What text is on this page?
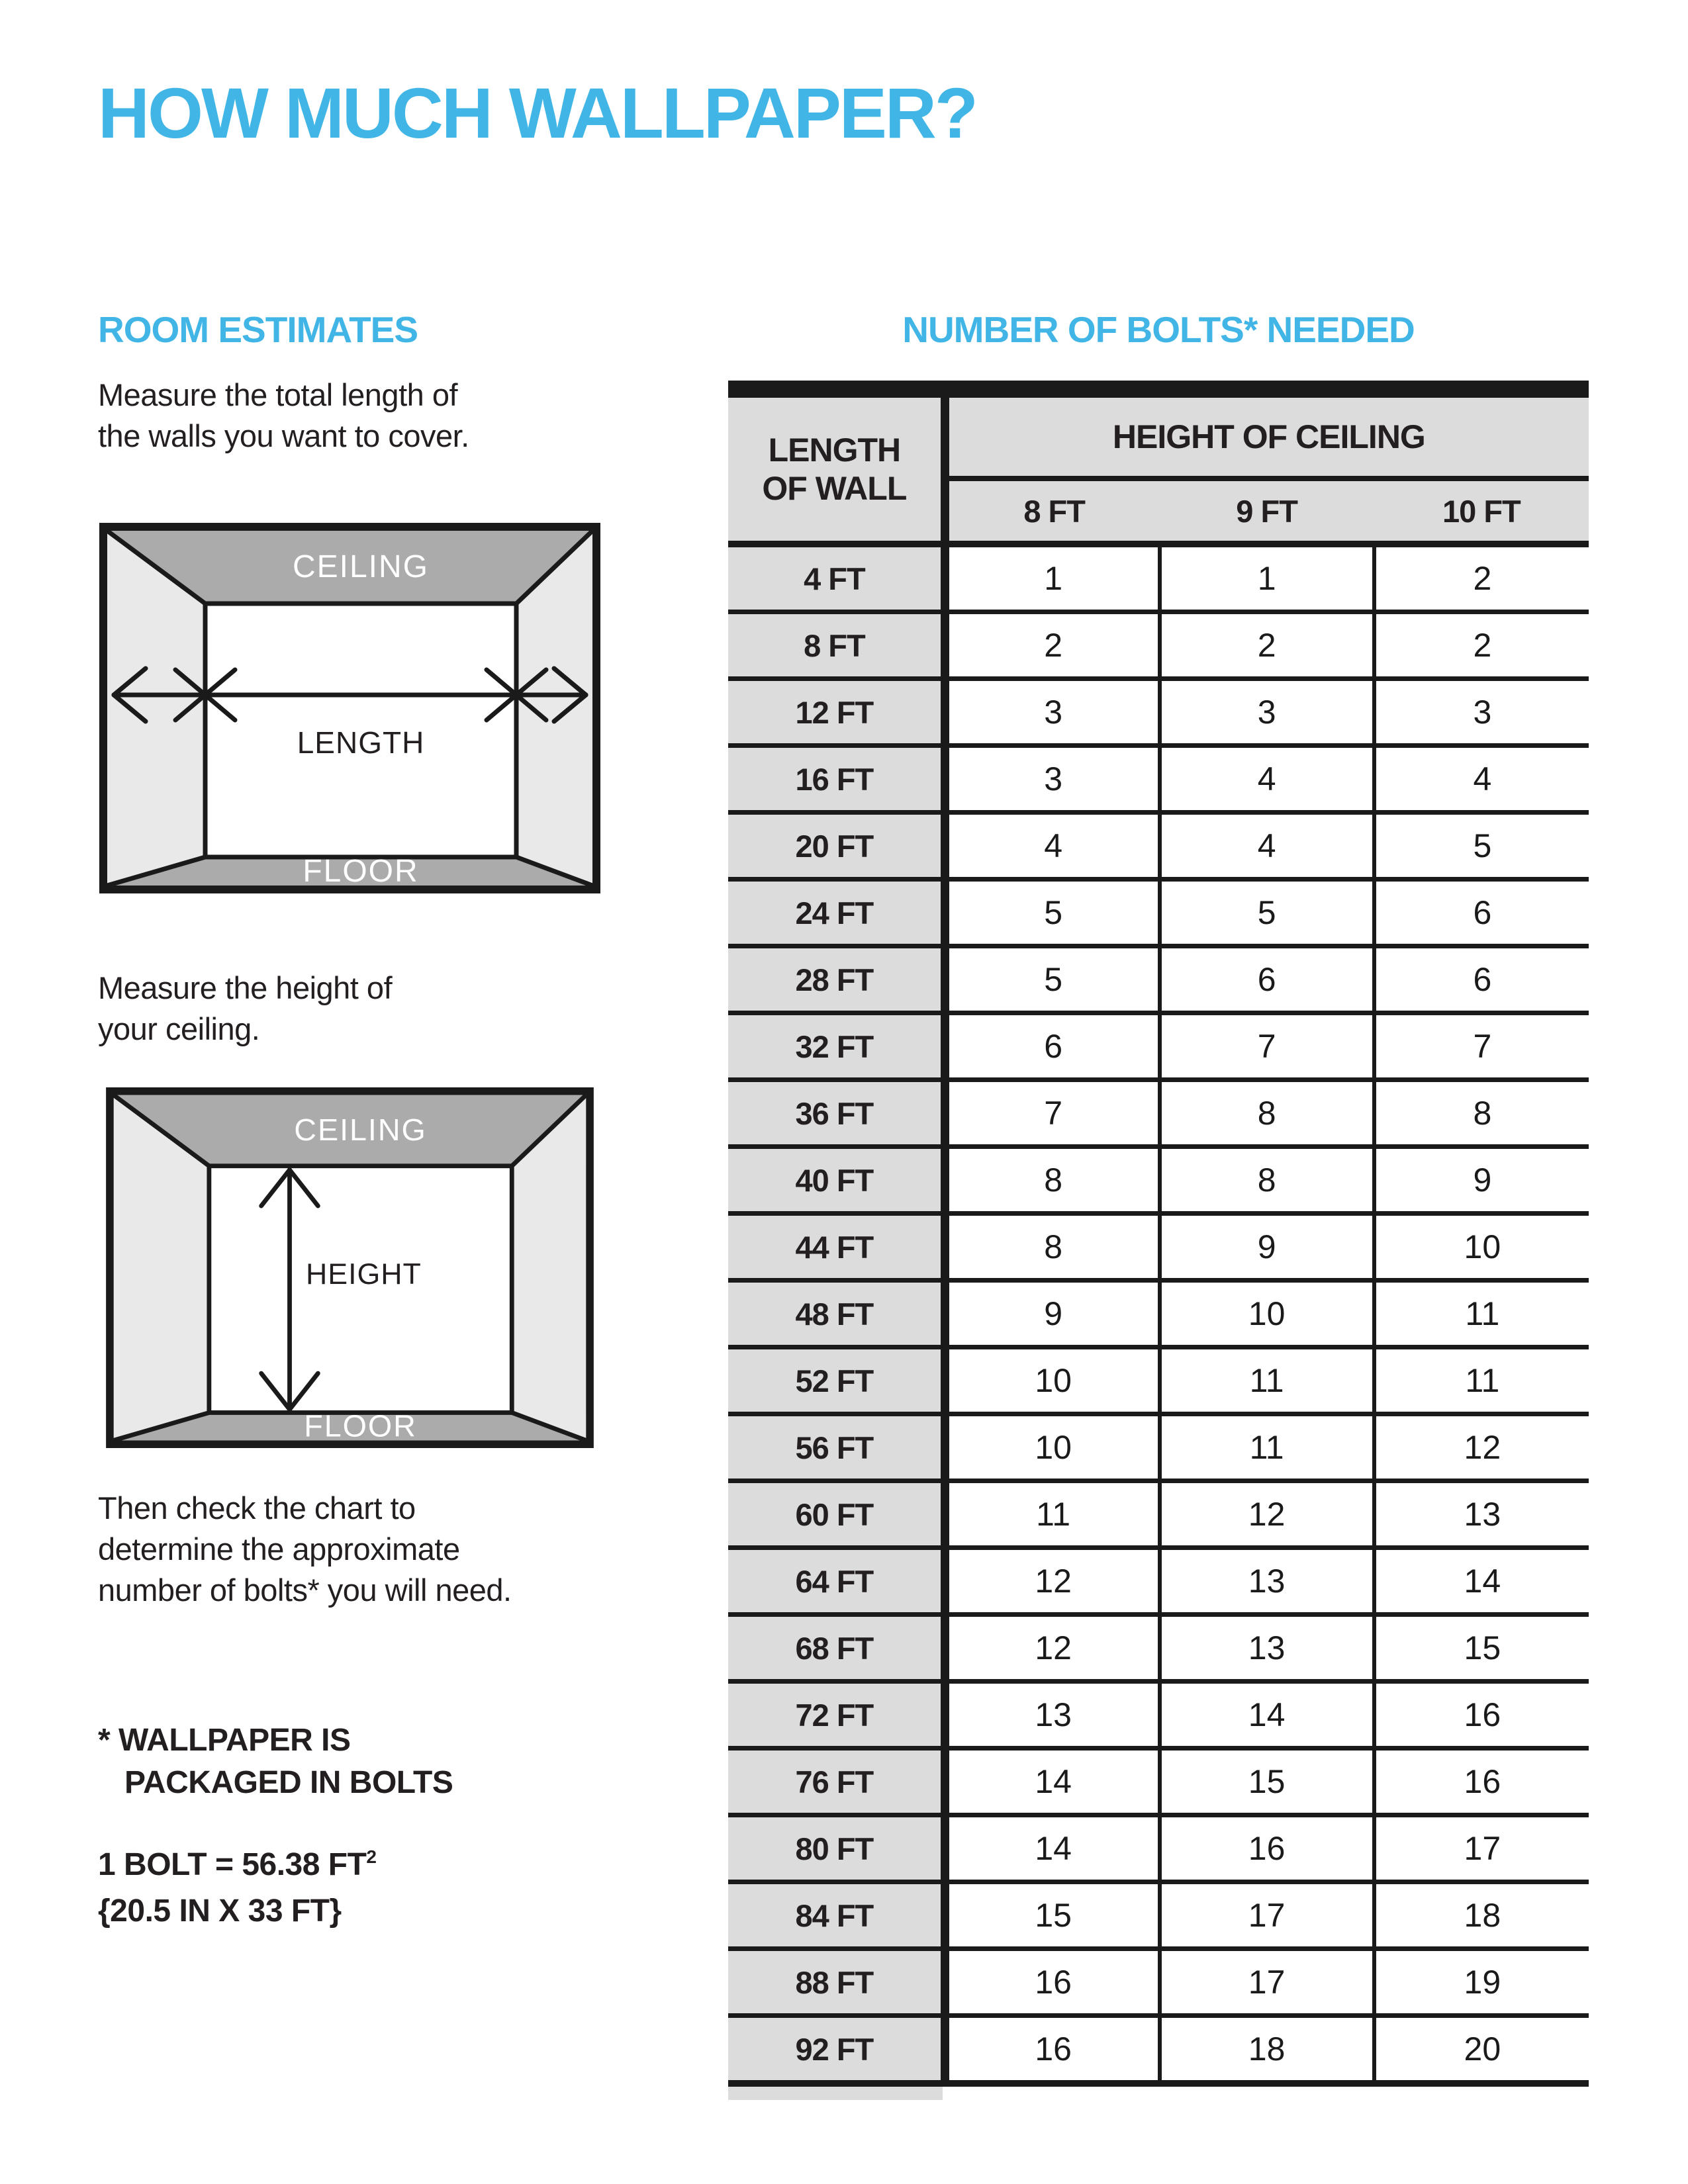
HOW MUCH WALLPAPER?
ROOM ESTIMATES
Measure the total length of
the walls you want to cover.
CEILING
FLOOR
LENGTH
Measure the height of
your ceiling.
CEILING
FLOOR
HEIGHT
Then check the chart to
determine the approximate
number of bolts* you will need.
* WALLPAPER IS
PACKAGED IN BOLTS
1 BOLT = 56.38 $FT^2$
{20.5 IN X 33 FT}
NUMBER OF BOLTS* NEEDED
LENGTH
OF WALL	HEIGHT OF CEILING		
	8 FT	9 FT	10 FT
4 FT	1	1	2
8 FT	2	2	2
12 FT	3	3	3
16 FT	3	4	4
20 FT	4	4	5
24 FT	5	5	6
28 FT	5	6	6
32 FT	6	7	7
36 FT	7	8	8
40 FT	8	8	9
44 FT	8	9	10
48 FT	9	10	11
52 FT	10	11	11
56 FT	10	11	12
60 FT	11	12	13
64 FT	12	13	14
68 FT	12	13	15
72 FT	13	14	16
76 FT	14	15	16
80 FT	14	16	17
84 FT	15	17	18
88 FT	16	17	19
92 FT	16	18	20
